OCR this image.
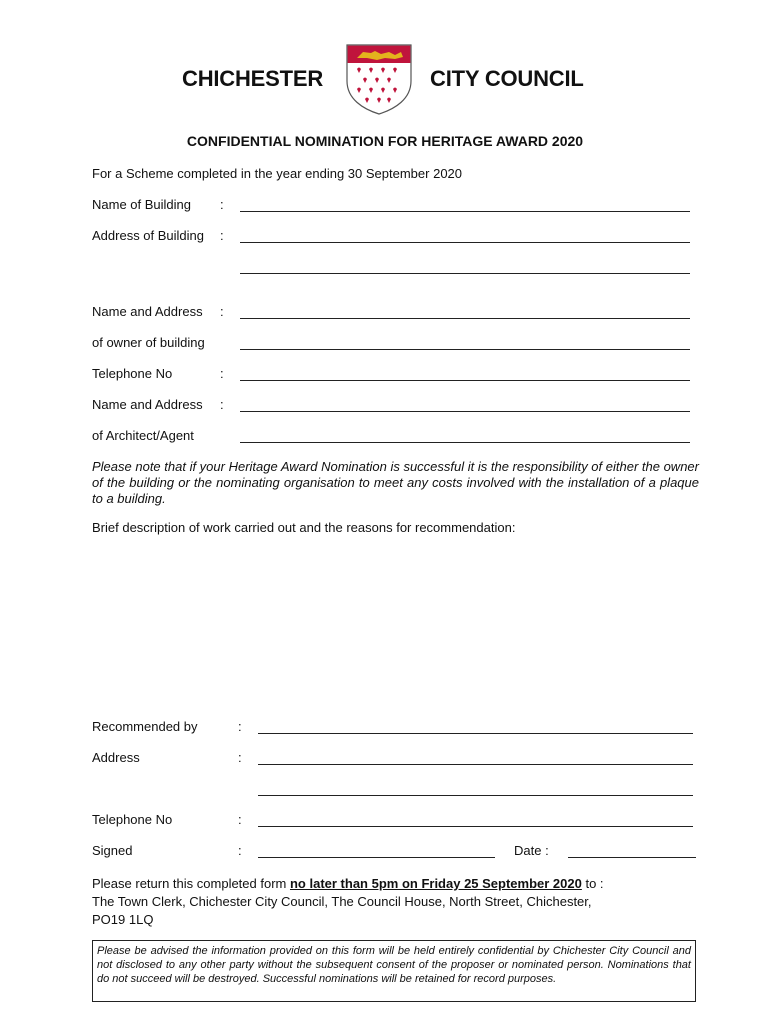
CHICHESTER	CITY COUNCIL
CONFIDENTIAL NOMINATION FOR HERITAGE AWARD 2020
For a Scheme completed in the year ending 30 September 2020
Name of Building :
Address of Building :
Name and Address :
of owner of building
Telephone No	:
Name and Address :
of Architect/Agent
Please note that if your Heritage Award Nomination is successful it is the responsibility of either the owner of the building or the nominating organisation to meet any costs involved with the installation of a plaque to a building.
Brief description of work carried out and the reasons for recommendation:
Recommended by	:
Address	:
Telephone No	:
Signed	:	Date :
Please return this completed form no later than 5pm on Friday 25 September 2020 to :
The Town Clerk, Chichester City Council, The Council House, North Street, Chichester,
PO19 1LQ
Please be advised the information provided on this form will be held entirely confidential by Chichester City Council and not disclosed to any other party without the subsequent consent of the proposer or nominated person. Nominations that do not succeed will be destroyed. Successful nominations will be retained for record purposes.
